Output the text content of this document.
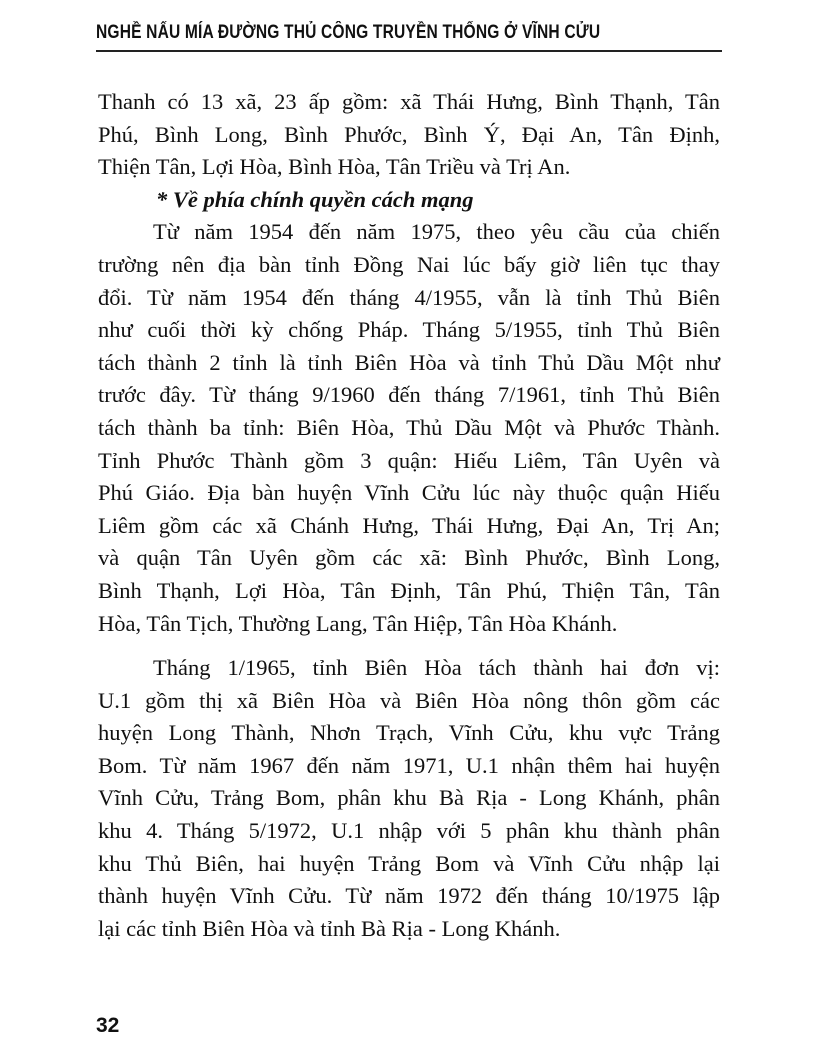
NGHỀ NẤU MÍA ĐƯỜNG THỦ CÔNG TRUYỀN THỐNG Ở VĨNH CỬU
Thanh có 13 xã, 23 ấp gồm: xã Thái Hưng, Bình Thạnh, Tân
Phú, Bình Long, Bình Phước, Bình Ý, Đại An, Tân Định,
Thiện Tân, Lợi Hòa, Bình Hòa, Tân Triều và Trị An.
* Về phía chính quyền cách mạng
Từ năm 1954 đến năm 1975, theo yêu cầu của chiến
trường nên địa bàn tỉnh Đồng Nai lúc bấy giờ liên tục thay
đổi. Từ năm 1954 đến tháng 4/1955, vẫn là tỉnh Thủ Biên
như cuối thời kỳ chống Pháp. Tháng 5/1955, tỉnh Thủ Biên
tách thành 2 tỉnh là tỉnh Biên Hòa và tỉnh Thủ Dầu Một như
trước đây. Từ tháng 9/1960 đến tháng 7/1961, tỉnh Thủ Biên
tách thành ba tỉnh: Biên Hòa, Thủ Dầu Một và Phước Thành.
Tỉnh Phước Thành gồm 3 quận: Hiếu Liêm, Tân Uyên và
Phú Giáo. Địa bàn huyện Vĩnh Cửu lúc này thuộc quận Hiếu
Liêm gồm các xã Chánh Hưng, Thái Hưng, Đại An, Trị An;
và quận Tân Uyên gồm các xã: Bình Phước, Bình Long,
Bình Thạnh, Lợi Hòa, Tân Định, Tân Phú, Thiện Tân, Tân
Hòa, Tân Tịch, Thường Lang, Tân Hiệp, Tân Hòa Khánh.
Tháng 1/1965, tỉnh Biên Hòa tách thành hai đơn vị:
U.1 gồm thị xã Biên Hòa và Biên Hòa nông thôn gồm các
huyện Long Thành, Nhơn Trạch, Vĩnh Cửu, khu vực Trảng
Bom. Từ năm 1967 đến năm 1971, U.1 nhận thêm hai huyện
Vĩnh Cửu, Trảng Bom, phân khu Bà Rịa - Long Khánh, phân
khu 4. Tháng 5/1972, U.1 nhập với 5 phân khu thành phân
khu Thủ Biên, hai huyện Trảng Bom và Vĩnh Cửu nhập lại
thành huyện Vĩnh Cửu. Từ năm 1972 đến tháng 10/1975 lập
lại các tỉnh Biên Hòa và tỉnh Bà Rịa - Long Khánh.
32
